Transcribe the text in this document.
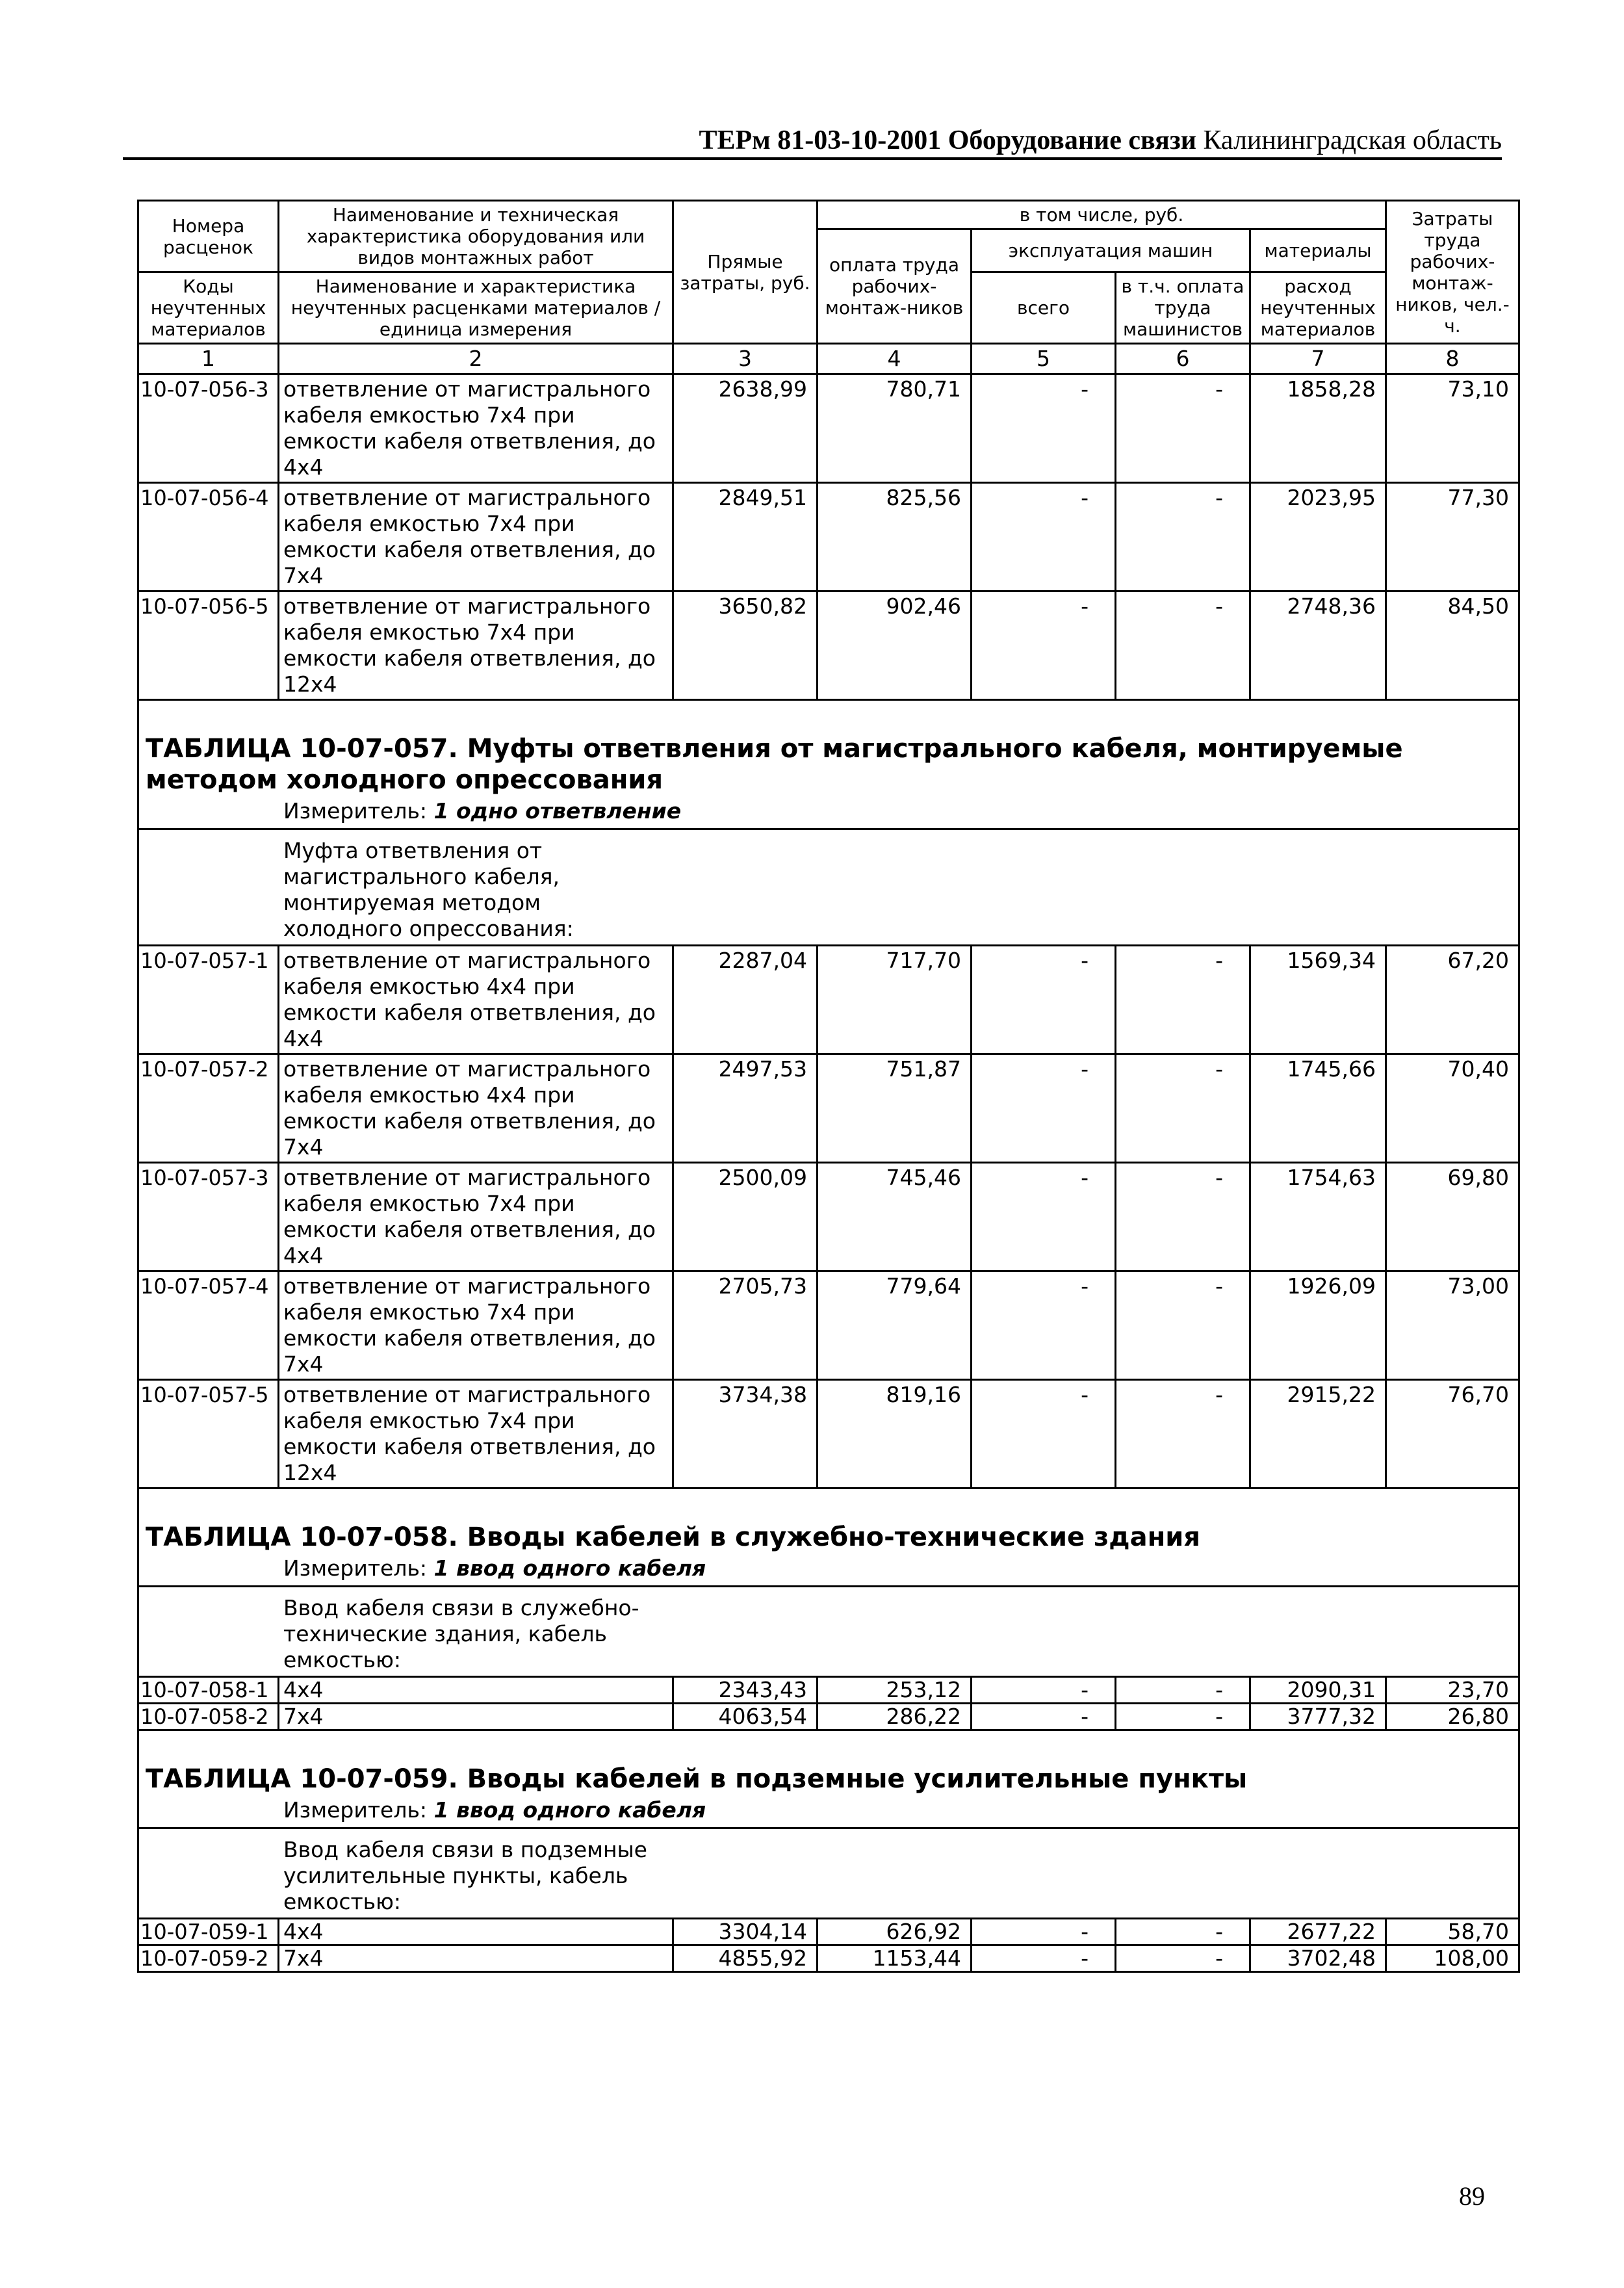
ТЕРм 81-03-10-2001 Оборудование связи Калининградская область
Номера расценок	Наименование и техническая характеристика оборудования или видов монтажных работ	Прямые затраты, руб.	в том числе, руб.				Затраты труда рабочих-монтаж-ников, чел.-ч.
			оплата труда рабочих-монтаж-ников	эксплуатация машин		материалы	
Коды неучтенных материалов	Наименование и характеристика неучтенных расценками материалов / единица измерения			всего	в т.ч. оплата труда машинистов	расход неучтенных материалов	

1	2	3	4	5	6	7	8
10-07-056-3	ответвление от магистрального
кабеля емкостью 7х4 при
емкости кабеля ответвления, до
4х4	2638,99	780,71	-	-	1858,28	73,10
10-07-056-4	ответвление от магистрального
кабеля емкостью 7х4 при
емкости кабеля ответвления, до
7х4	2849,51	825,56	-	-	2023,95	77,30
10-07-056-5	ответвление от магистрального
кабеля емкостью 7х4 при
емкости кабеля ответвления, до
12х4	3650,82	902,46	-	-	2748,36	84,50
ТАБЛИЦА 10-07-057. Муфты ответвления от магистрального кабеля, монтируемые методом холодного опрессования							
Измеритель: 1 одно ответвление							
Муфта ответвления от
магистрального кабеля,
монтируемая методом
холодного опрессования:							
10-07-057-1	ответвление от магистрального
кабеля емкостью 4х4 при
емкости кабеля ответвления, до
4х4	2287,04	717,70	-	-	1569,34	67,20
10-07-057-2	ответвление от магистрального
кабеля емкостью 4х4 при
емкости кабеля ответвления, до
7х4	2497,53	751,87	-	-	1745,66	70,40
10-07-057-3	ответвление от магистрального
кабеля емкостью 7х4 при
емкости кабеля ответвления, до
4х4	2500,09	745,46	-	-	1754,63	69,80
10-07-057-4	ответвление от магистрального
кабеля емкостью 7х4 при
емкости кабеля ответвления, до
7х4	2705,73	779,64	-	-	1926,09	73,00
10-07-057-5	ответвление от магистрального
кабеля емкостью 7х4 при
емкости кабеля ответвления, до
12х4	3734,38	819,16	-	-	2915,22	76,70
ТАБЛИЦА 10-07-058. Вводы кабелей в служебно-технические здания							
Измеритель: 1 ввод одного кабеля							
Ввод кабеля связи в служебно-
технические здания, кабель
емкостью:							
10-07-058-1	4х4	2343,43	253,12	-	-	2090,31	23,70
10-07-058-2	7х4	4063,54	286,22	-	-	3777,32	26,80
ТАБЛИЦА 10-07-059. Вводы кабелей в подземные усилительные пункты							
Измеритель: 1 ввод одного кабеля							
Ввод кабеля связи в подземные
усилительные пункты, кабель
емкостью:							
10-07-059-1	4х4	3304,14	626,92	-	-	2677,22	58,70
10-07-059-2	7х4	4855,92	1153,44	-	-	3702,48	108,00
89
